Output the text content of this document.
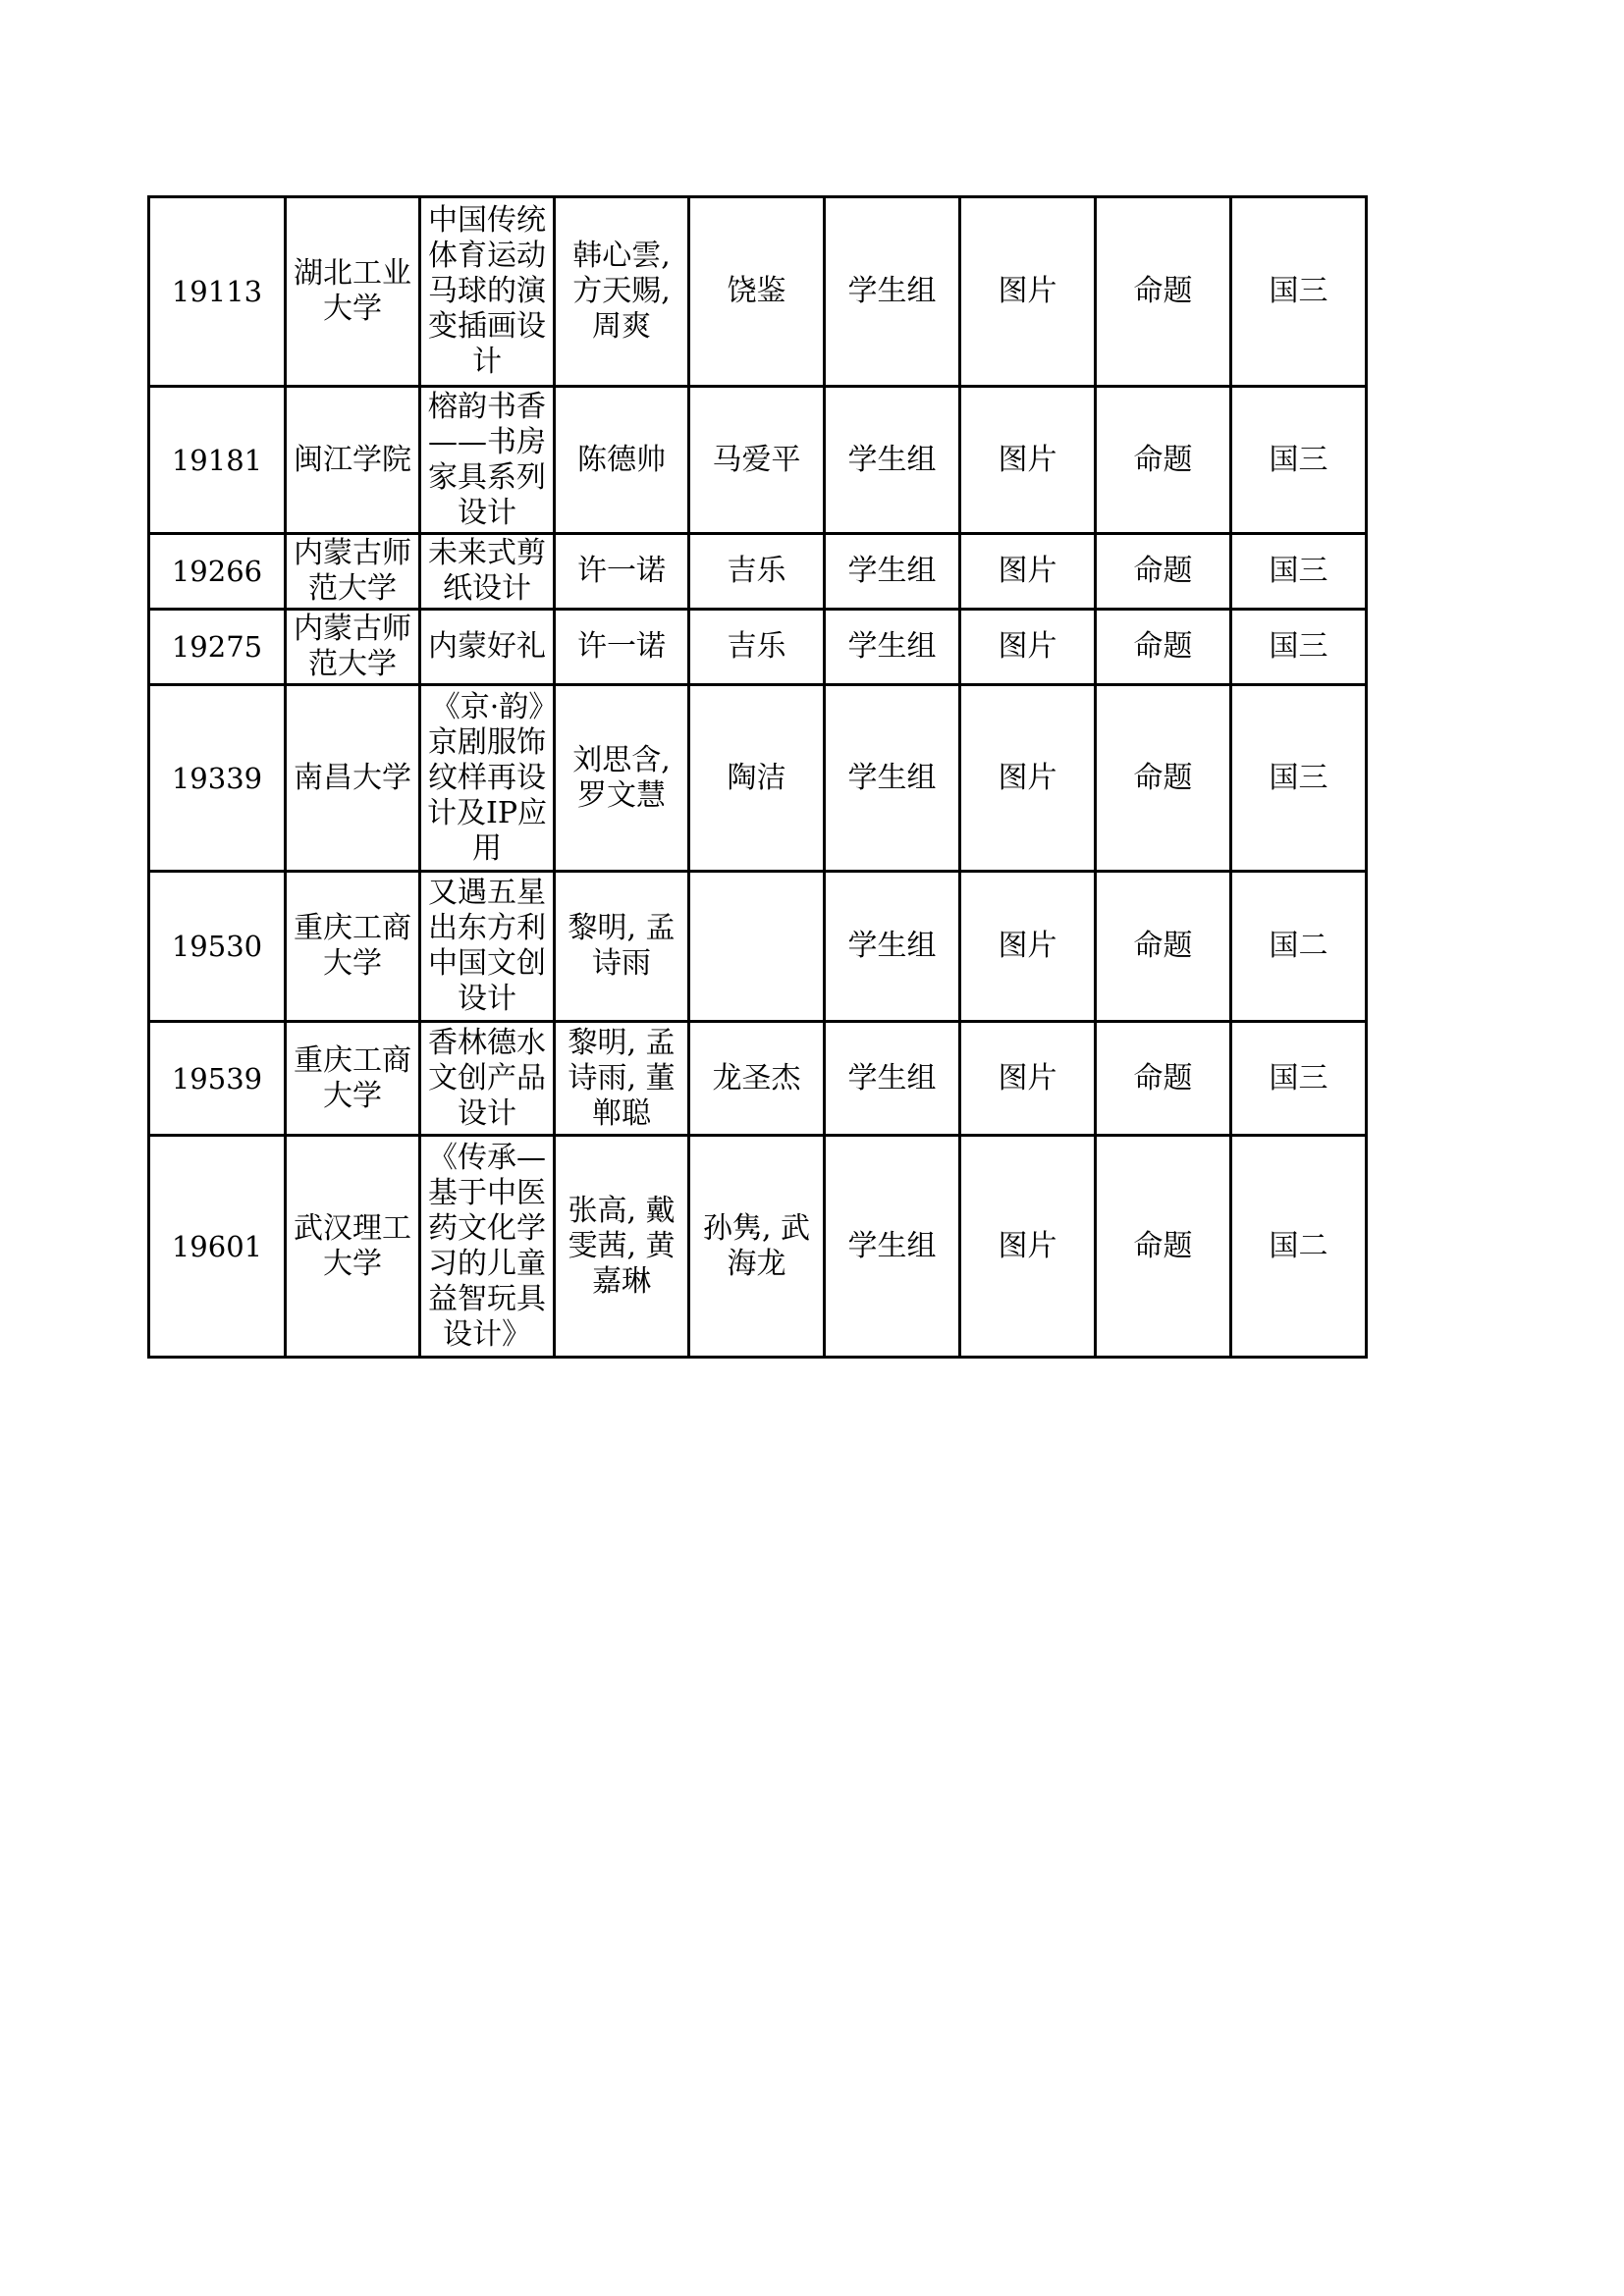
19113	湖北工业大学	中国传统体育运动马球的演变插画设计	韩心雲, 方天赐, 周爽	饶鉴	学生组	图片	命题	国三
19181	闽江学院	榕韵书香——书房家具系列设计	陈德帅	马爱平	学生组	图片	命题	国三
19266	内蒙古师范大学	未来式剪纸设计	许一诺	吉乐	学生组	图片	命题	国三
19275	内蒙古师范大学	内蒙好礼	许一诺	吉乐	学生组	图片	命题	国三
19339	南昌大学	《京·韵》京剧服饰纹样再设计及IP应用	刘思含, 罗文慧	陶洁	学生组	图片	命题	国三
19530	重庆工商大学	又遇五星出东方利中国文创设计	黎明, 孟诗雨		学生组	图片	命题	国二
19539	重庆工商大学	香林德水文创产品设计	黎明, 孟诗雨, 董郸聪	龙圣杰	学生组	图片	命题	国三
19601	武汉理工大学	《传承—基于中医药文化学习的儿童益智玩具设计》	张高, 戴雯茜, 黄嘉琳	孙隽, 武海龙	学生组	图片	命题	国二
